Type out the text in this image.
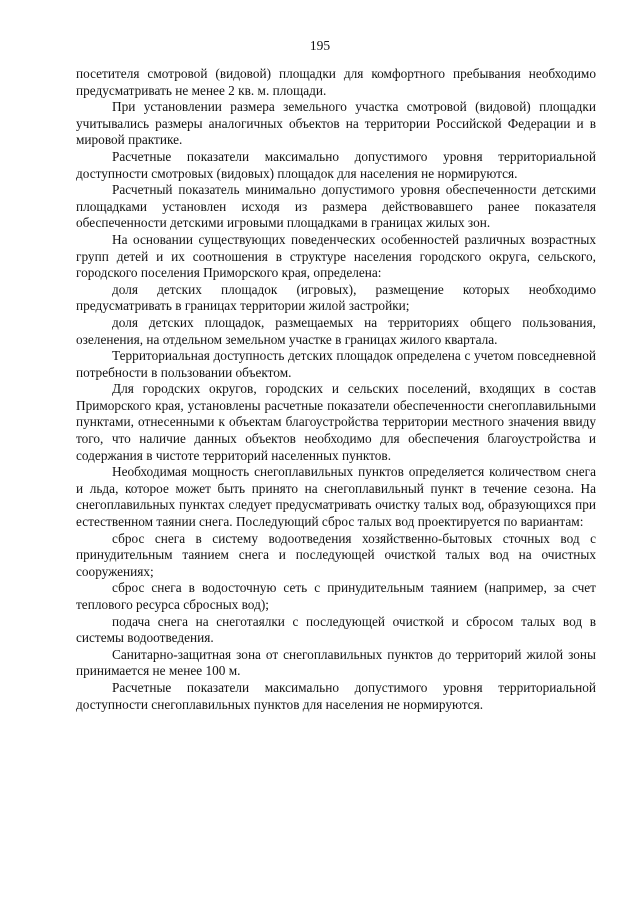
195

посетителя смотровой (видовой) площадки для комфортного пребывания необходимо предусматривать не менее 2 кв. м. площади.

При установлении размера земельного участка смотровой (видовой) площадки учитывались размеры аналогичных объектов на территории Российской Федерации и в мировой практике.

Расчетные показатели максимально допустимого уровня территориальной доступности смотровых (видовых) площадок для населения не нормируются.

Расчетный показатель минимально допустимого уровня обеспеченности детскими площадками установлен исходя из размера действовавшего ранее показателя обеспеченности детскими игровыми площадками в границах жилых зон.

На основании существующих поведенческих особенностей различных возрастных групп детей и их соотношения в структуре населения городского округа, сельского, городского поселения Приморского края, определена:

доля детских площадок (игровых), размещение которых необходимо предусматривать в границах территории жилой застройки;

доля детских площадок, размещаемых на территориях общего пользования, озеленения, на отдельном земельном участке в границах жилого квартала.

Территориальная доступность детских площадок определена с учетом повседневной потребности в пользовании объектом.

Для городских округов, городских и сельских поселений, входящих в состав Приморского края, установлены расчетные показатели обеспеченности снегоплавильными пунктами, отнесенными к объектам благоустройства территории местного значения ввиду того, что наличие данных объектов необходимо для обеспечения благоустройства и содержания в чистоте территорий населенных пунктов.

Необходимая мощность снегоплавильных пунктов определяется количеством снега и льда, которое может быть принято на снегоплавильный пункт в течение сезона. На снегоплавильных пунктах следует предусматривать очистку талых вод, образующихся при естественном таянии снега. Последующий сброс талых вод проектируется по вариантам:

сброс снега в систему водоотведения хозяйственно-бытовых сточных вод с принудительным таянием снега и последующей очисткой талых вод на очистных сооружениях;

сброс снега в водосточную сеть с принудительным таянием (например, за счет теплового ресурса сбросных вод);

подача снега на снеготаялки с последующей очисткой и сбросом талых вод в системы водоотведения.

Санитарно-защитная зона от снегоплавильных пунктов до территорий жилой зоны принимается не менее 100 м.

Расчетные показатели максимально допустимого уровня территориальной доступности снегоплавильных пунктов для населения не нормируются.
